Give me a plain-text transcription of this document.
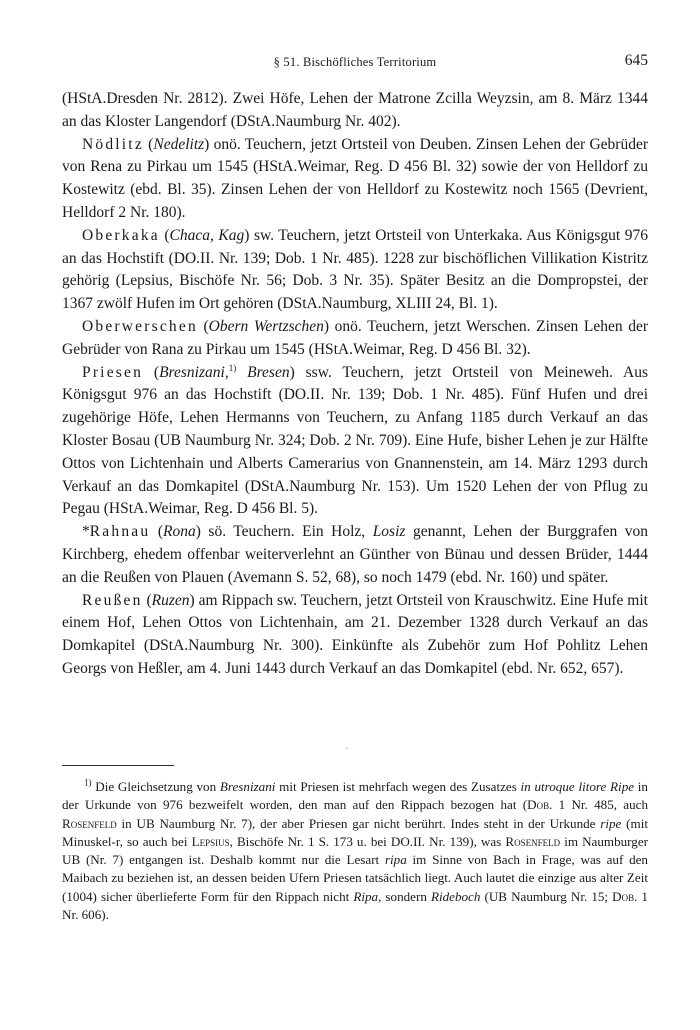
§ 51. Bischöfliches Territorium	645

(HStA.Dresden Nr. 2812). Zwei Höfe, Lehen der Matrone Zcilla Weyzsin, am 8. März 1344 an das Kloster Langendorf (DStA.Naumburg Nr. 402).

Nödlitz (Nedelitz) onö. Teuchern, jetzt Ortsteil von Deuben. Zinsen Lehen der Gebrüder von Rena zu Pirkau um 1545 (HStA.Weimar, Reg. D 456 Bl. 32) sowie der von Helldorf zu Kostewitz (ebd. Bl. 35). Zinsen Lehen der von Helldorf zu Kostewitz noch 1565 (Devrient, Helldorf 2 Nr. 180).

Oberkaka (Chaca, Kag) sw. Teuchern, jetzt Ortsteil von Unterkaka. Aus Königsgut 976 an das Hochstift (DO.II. Nr. 139; Dob. 1 Nr. 485). 1228 zur bischöflichen Villikation Kistritz gehörig (Lepsius, Bischöfe Nr. 56; Dob. 3 Nr. 35). Später Besitz an die Dompropstei, der 1367 zwölf Hufen im Ort gehören (DStA.Naumburg, XLIII 24, Bl. 1).

Oberwerschen (Obern Wertzschen) onö. Teuchern, jetzt Werschen. Zinsen Lehen der Gebrüder von Rana zu Pirkau um 1545 (HStA.Weimar, Reg. D 456 Bl. 32).

Priesen (Bresnizani,$^{1)}$ Bresen) ssw. Teuchern, jetzt Ortsteil von Meineweh. Aus Königsgut 976 an das Hochstift (DO.II. Nr. 139; Dob. 1 Nr. 485). Fünf Hufen und drei zugehörige Höfe, Lehen Hermanns von Teuchern, zu Anfang 1185 durch Verkauf an das Kloster Bosau (UB Naumburg Nr. 324; Dob. 2 Nr. 709). Eine Hufe, bisher Lehen je zur Hälfte Ottos von Lichtenhain und Alberts Camerarius von Gnannenstein, am 14. März 1293 durch Verkauf an das Domkapitel (DStA.Naumburg Nr. 153). Um 1520 Lehen der von Pflug zu Pegau (HStA.Weimar, Reg. D 456 Bl. 5).

*Rahnau (Rona) sö. Teuchern. Ein Holz, Losiz genannt, Lehen der Burggrafen von Kirchberg, ehedem offenbar weiterverlehnt an Günther von Bünau und dessen Brüder, 1444 an die Reußen von Plauen (Avemann S. 52, 68), so noch 1479 (ebd. Nr. 160) und später.

Reußen (Ruzen) am Rippach sw. Teuchern, jetzt Ortsteil von Krauschwitz. Eine Hufe mit einem Hof, Lehen Ottos von Lichtenhain, am 21. Dezember 1328 durch Verkauf an das Domkapitel (DStA.Naumburg Nr. 300). Einkünfte als Zubehör zum Hof Pohlitz Lehen Georgs von Heßler, am 4. Juni 1443 durch Verkauf an das Domkapitel (ebd. Nr. 652, 657).

·

$^{1)}$ Die Gleichsetzung von Bresnizani mit Priesen ist mehrfach wegen des Zusatzes in utroque litore Ripe in der Urkunde von 976 bezweifelt worden, den man auf den Rippach bezogen hat (Dob. 1 Nr. 485, auch Rosenfeld in UB Naumburg Nr. 7), der aber Priesen gar nicht berührt. Indes steht in der Urkunde ripe (mit Minuskel-r, so auch bei Lepsius, Bischöfe Nr. 1 S. 173 u. bei DO.II. Nr. 139), was Rosenfeld im Naumburger UB (Nr. 7) entgangen ist. Deshalb kommt nur die Lesart ripa im Sinne von Bach in Frage, was auf den Maibach zu beziehen ist, an dessen beiden Ufern Priesen tatsächlich liegt. Auch lautet die einzige aus alter Zeit (1004) sicher überlieferte Form für den Rippach nicht Ripa, sondern Rideboch (UB Naumburg Nr. 15; Dob. 1 Nr. 606).
